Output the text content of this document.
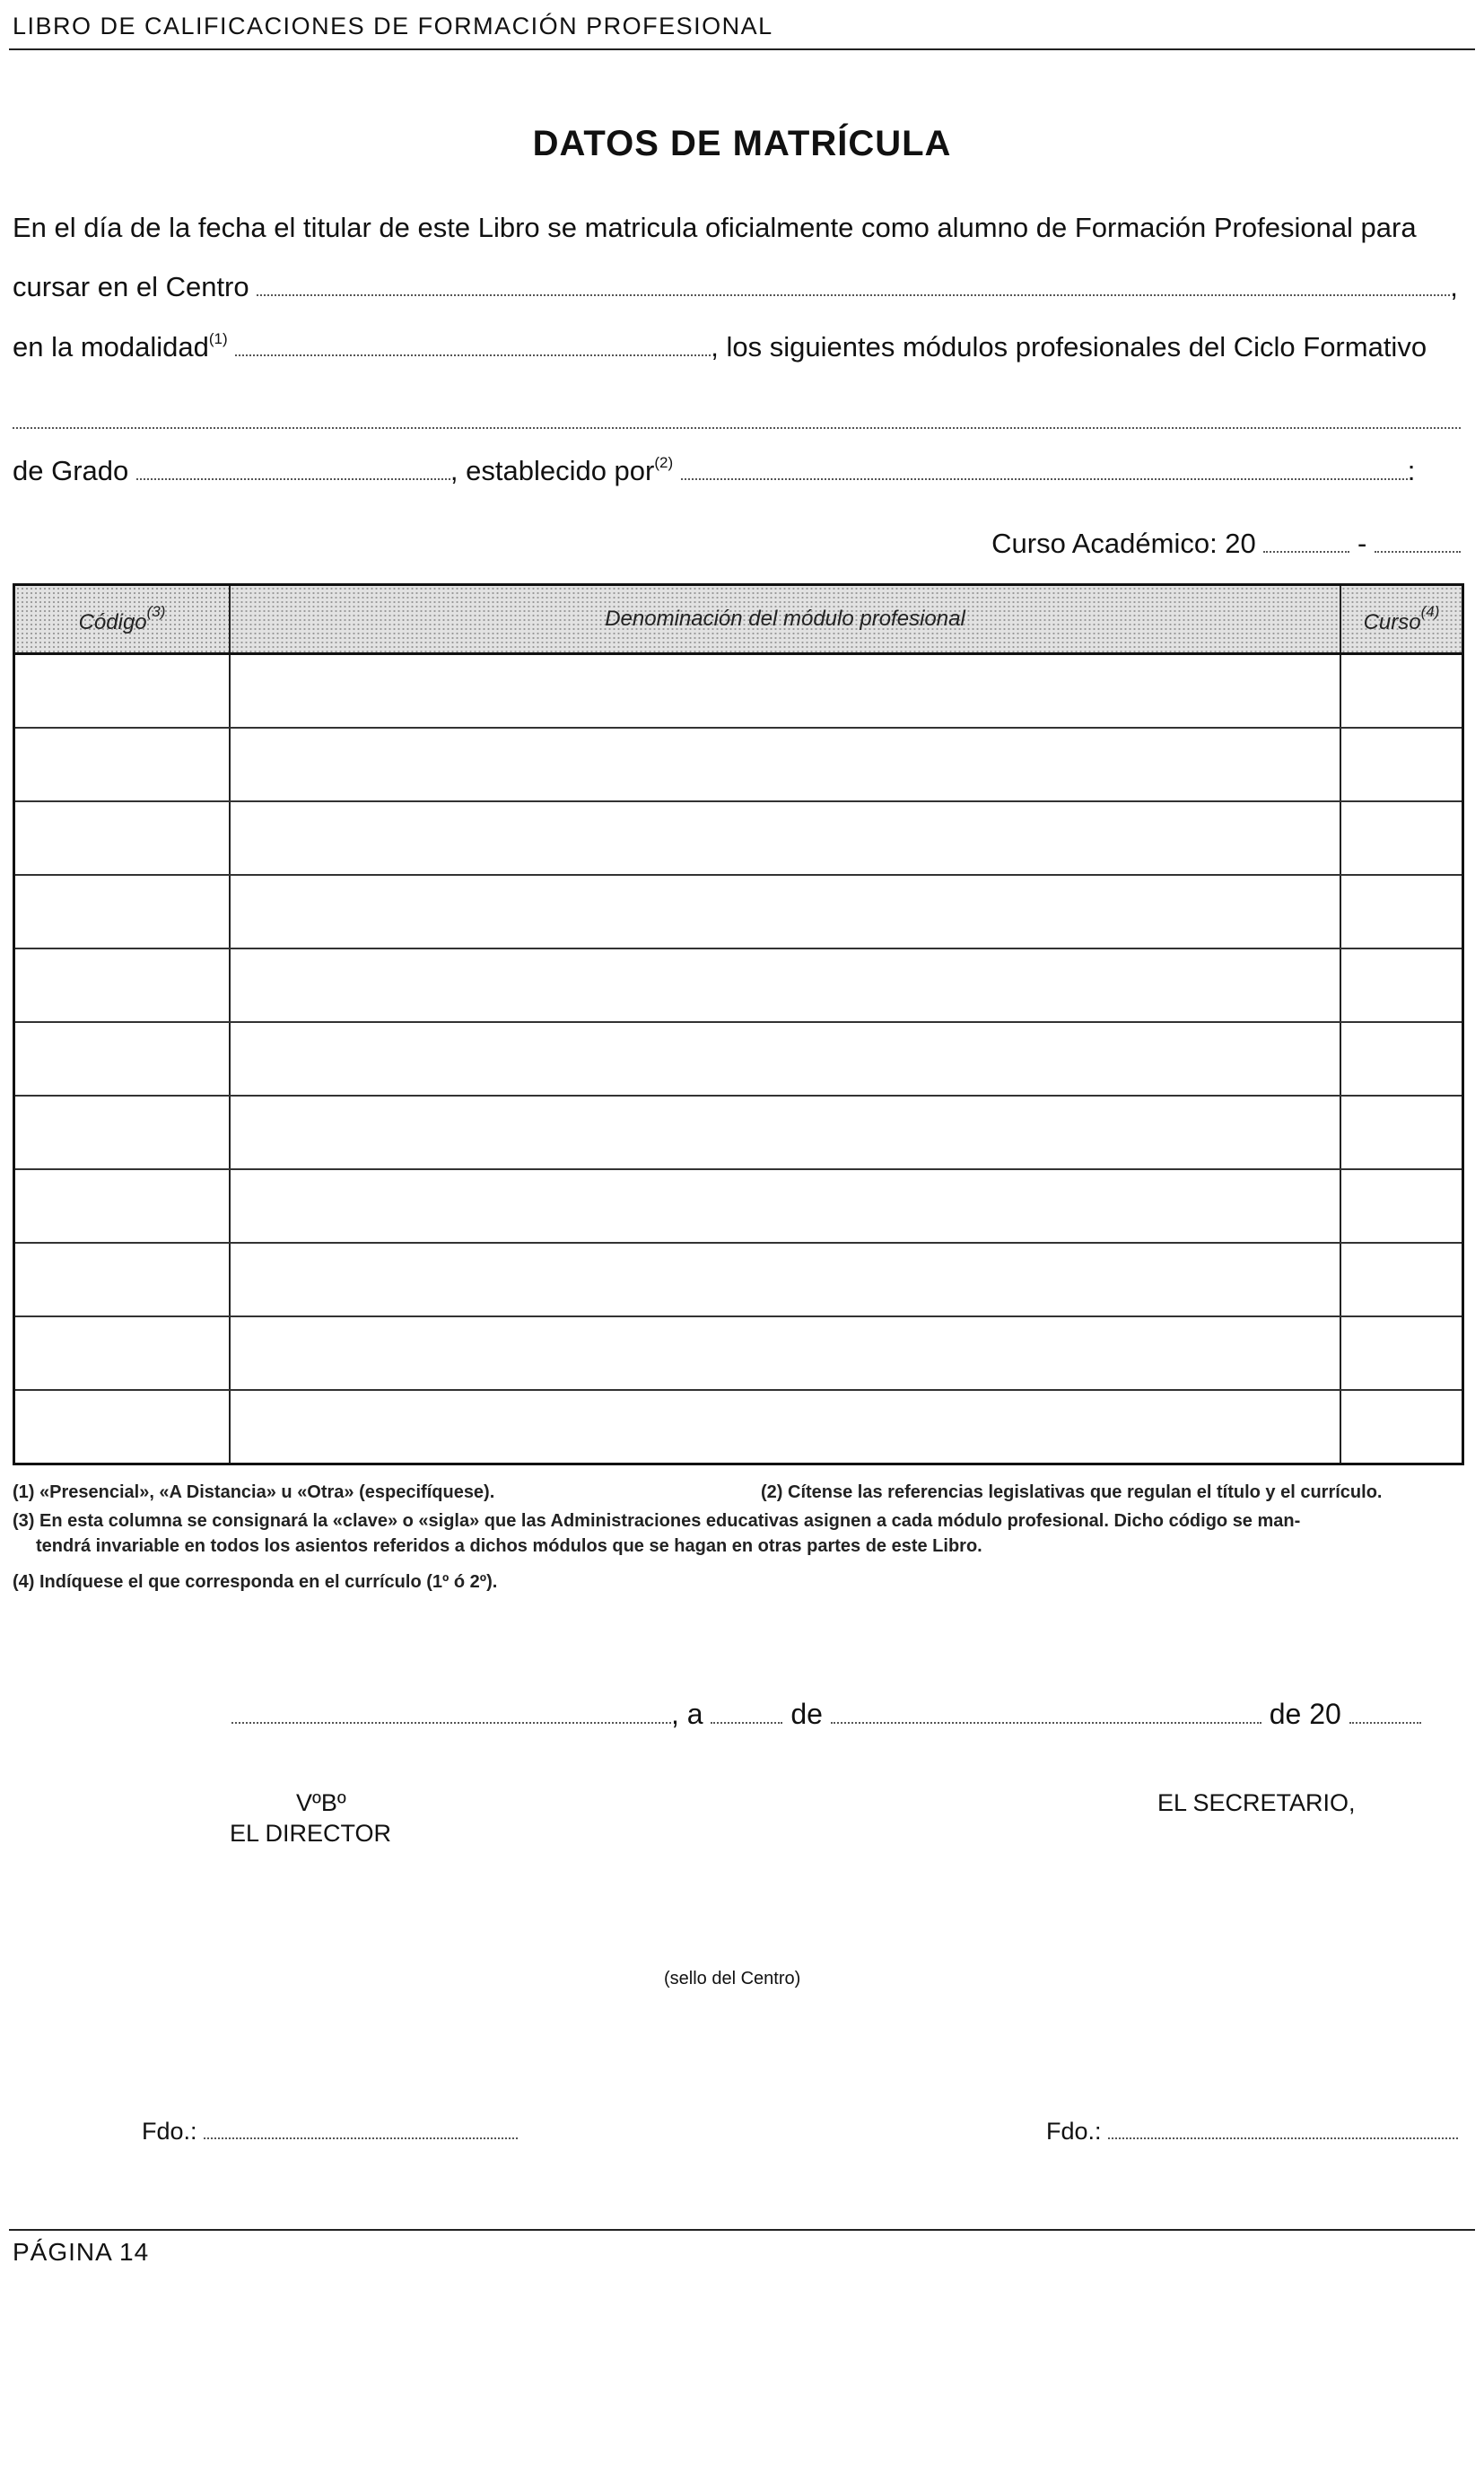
LIBRO DE CALIFICACIONES DE FORMACIÓN PROFESIONAL
DATOS DE MATRÍCULA
En el día de la fecha el titular de este Libro se matricula oficialmente como alumno de Formación Profesional para
cursar en el Centro	,
en la modalidad$^{(1)}$	, los siguientes módulos profesionales del Ciclo Formativo
de Grado	, establecido por$^{(2)}$	:
Curso Académico: 20	-
Código$^{(3)}$	Denominación del módulo profesional	Curso$^{(4)}$

(1) «Presencial», «A Distancia» u «Otra» (especifíquese).	(2) Cítense las referencias legislativas que regulan el título y el currículo.
(3) En esta columna se consignará la «clave» o «sigla» que las Administraciones educativas asignen a cada módulo profesional. Dicho código se man-
tendrá invariable en todos los asientos referidos a dichos módulos que se hagan en otras partes de este Libro.
(4) Indíquese el que corresponda en el currículo (1º ó 2º).
, a	de	de 20
VºBº
EL DIRECTOR
EL SECRETARIO,
(sello del Centro)
Fdo.:	Fdo.:
PÁGINA 14
